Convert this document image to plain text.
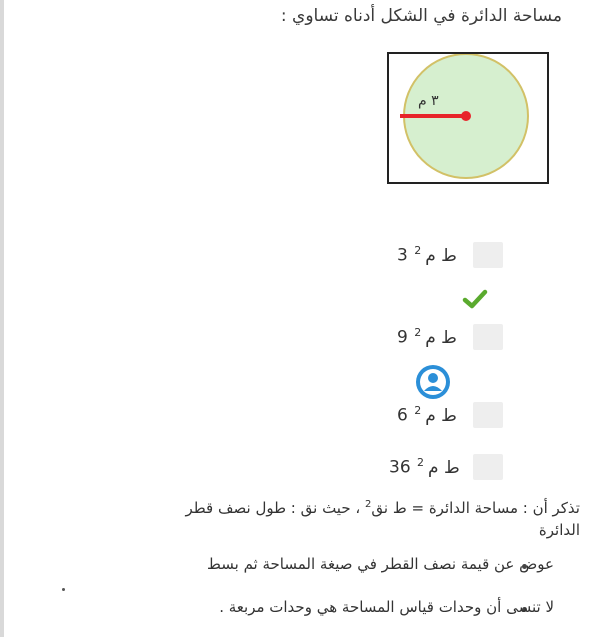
مساحة الدائرة في الشكل أدناه تساوي :
٣ م
ط م$^2$ 3
ط م$^2$ 9
ط م$^2$ 6
ط م$^2$ 36
تذكر أن : مساحة الدائرة = ط نق$^2$ ، حيث نق : طول نصف قطر
الدائرة
عوض عن قيمة نصف القطر في صيغة المساحة ثم بسط
لا تنسى أن وحدات قياس المساحة هي وحدات مربعة .
